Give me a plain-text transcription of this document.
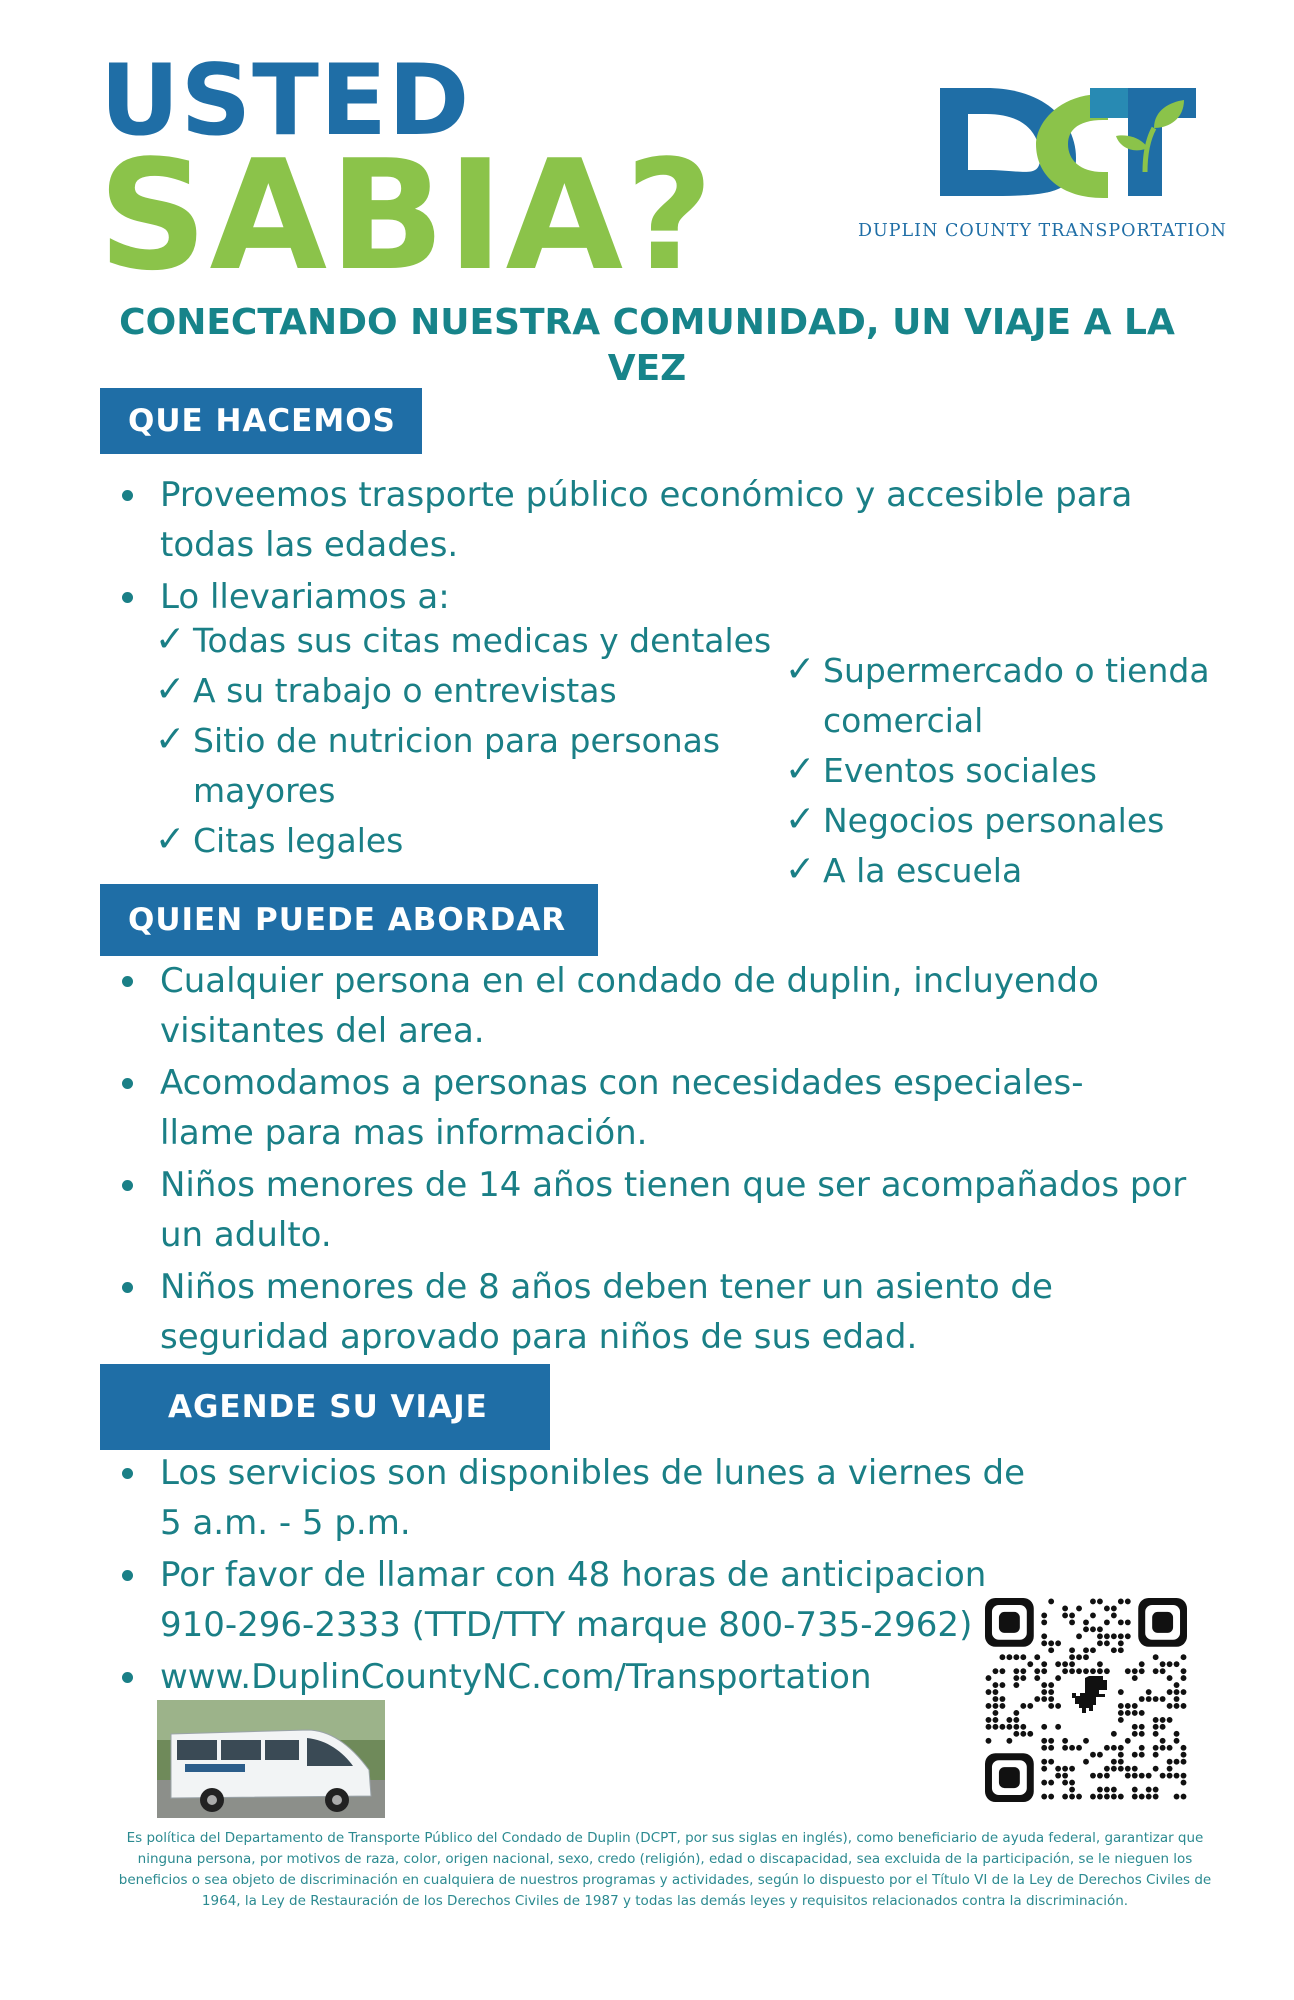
USTED
SABIA?	DUPLIN COUNTY TRANSPORTATION
CONECTANDO NUESTRA COMUNIDAD, UN VIAJE A LA VEZ
QUE HACEMOS
Proveemos trasporte público económico y accesible para todas las edades.
Lo llevariamos a:
✓ Todas sus citas medicas y dentales
✓ A su trabajo o entrevistas
✓ Sitio de nutricion para personas mayores
✓ Citas legales
✓ Supermercado o tienda comercial
✓ Eventos sociales
✓ Negocios personales
✓ A la escuela
QUIEN PUEDE ABORDAR
Cualquier persona en el condado de duplin, incluyendo visitantes del area.
Acomodamos a personas con necesidades especiales- llame para mas información.
Niños menores de 14 años tienen que ser acompañados por un adulto.
Niños menores de 8 años deben tener un asiento de seguridad aprovado para niños de sus edad.
AGENDE SU VIAJE
Los servicios son disponibles de lunes a viernes de 5 a.m. - 5 p.m.
Por favor de llamar con 48 horas de anticipacion 910-296-2333 (TTD/TTY marque 800-735-2962)
www.DuplinCountyNC.com/Transportation
Es política del Departamento de Transporte Público del Condado de Duplin (DCPT, por sus siglas en inglés), como beneficiario de ayuda federal, garantizar que ninguna persona, por motivos de raza, color, origen nacional, sexo, credo (religión), edad o discapacidad, sea excluida de la participación, se le nieguen los beneficios o sea objeto de discriminación en cualquiera de nuestros programas y actividades, según lo dispuesto por el Título VI de la Ley de Derechos Civiles de 1964, la Ley de Restauración de los Derechos Civiles de 1987 y todas las demás leyes y requisitos relacionados contra la discriminación.
